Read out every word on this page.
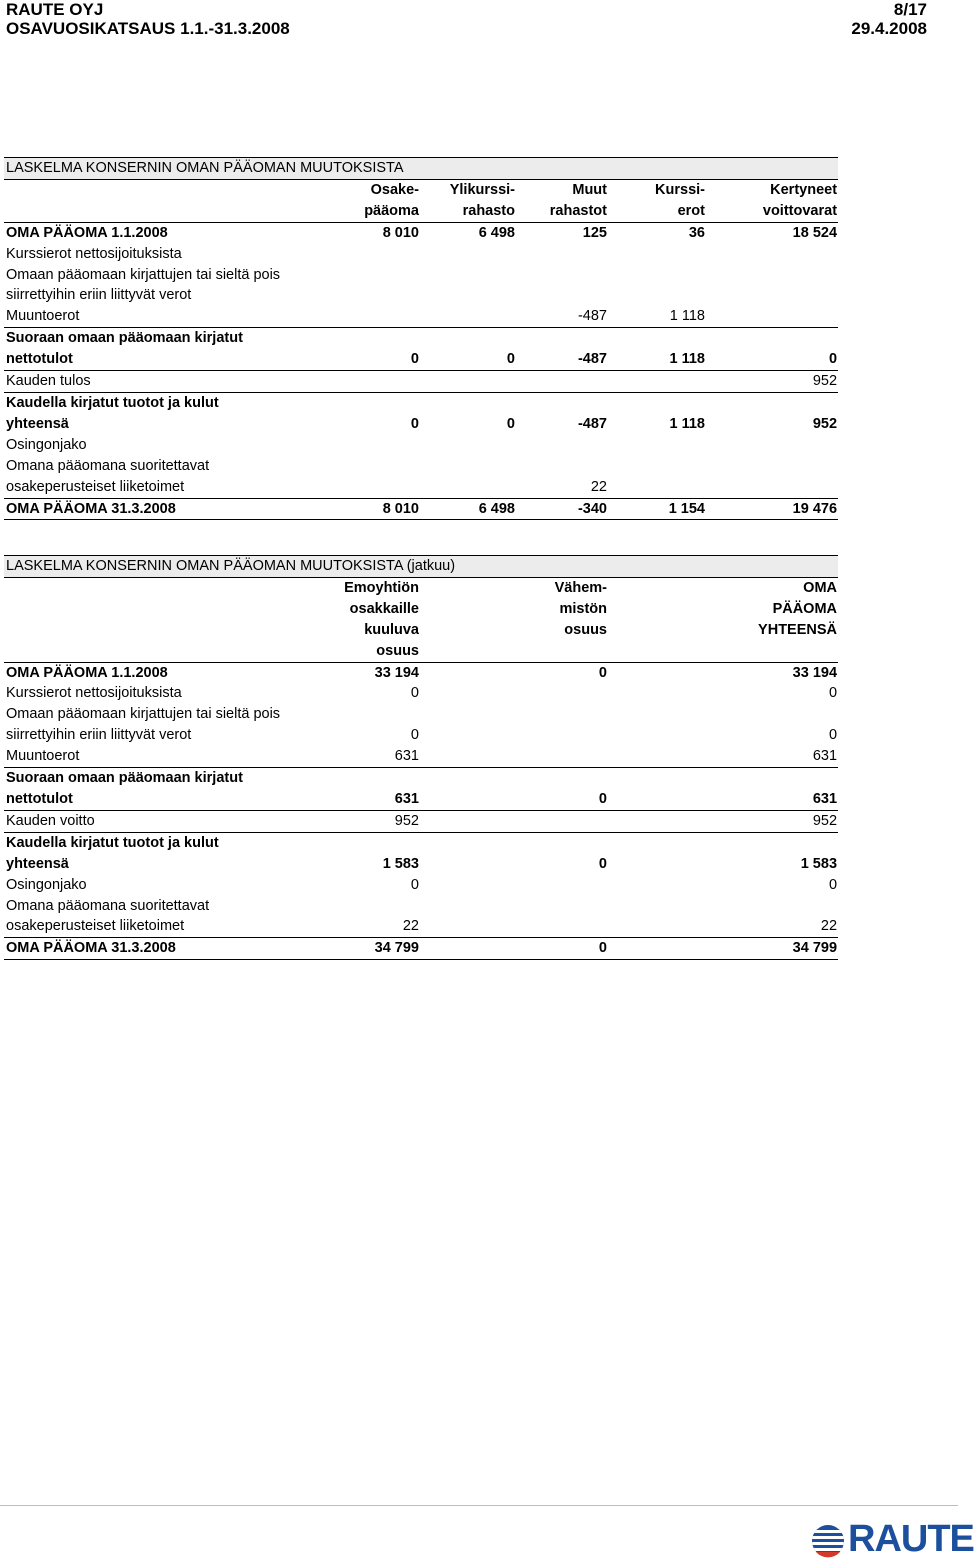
RAUTE OYJ	8/17
OSAVUOSIKATSAUS 1.1.-31.3.2008	29.4.2008
LASKELMA KONSERNIN OMAN PÄÄOMAN MUUTOKSISTA					
	Osake-	Ylikurssi-	Muut	Kurssi-	Kertyneet
	pääoma	rahasto	rahastot	erot	voittovarat
OMA PÄÄOMA 1.1.2008	8 010	6 498	125	36	18 524
Kurssierot nettosijoituksista					
Omaan pääomaan kirjattujen tai sieltä pois					
siirrettyihin eriin liittyvät verot					
Muuntoerot			-487	1 118	
Suoraan omaan pääomaan kirjatut					
nettotulot	0	0	-487	1 118	0
Kauden tulos					952
Kaudella kirjatut tuotot ja kulut					
yhteensä	0	0	-487	1 118	952
Osingonjako					
Omana pääomana suoritettavat					
osakeperusteiset liiketoimet			22		
OMA PÄÄOMA 31.3.2008	8 010	6 498	-340	1 154	19 476
LASKELMA KONSERNIN OMAN PÄÄOMAN MUUTOKSISTA (jatkuu)			
	Emoyhtiön	Vähem-	OMA
	osakkaille	mistön	PÄÄOMA
	kuuluva	osuus	YHTEENSÄ
	osuus		
OMA PÄÄOMA 1.1.2008	33 194	0	33 194
Kurssierot nettosijoituksista	0		0
Omaan pääomaan kirjattujen tai sieltä pois			
siirrettyihin eriin liittyvät verot	0		0
Muuntoerot	631		631
Suoraan omaan pääomaan kirjatut			
nettotulot	631	0	631
Kauden voitto	952		952
Kaudella kirjatut tuotot ja kulut			
yhteensä	1 583	0	1 583
Osingonjako	0		0
Omana pääomana suoritettavat			
osakeperusteiset liiketoimet	22		22
OMA PÄÄOMA 31.3.2008	34 799	0	34 799
RAUTE
